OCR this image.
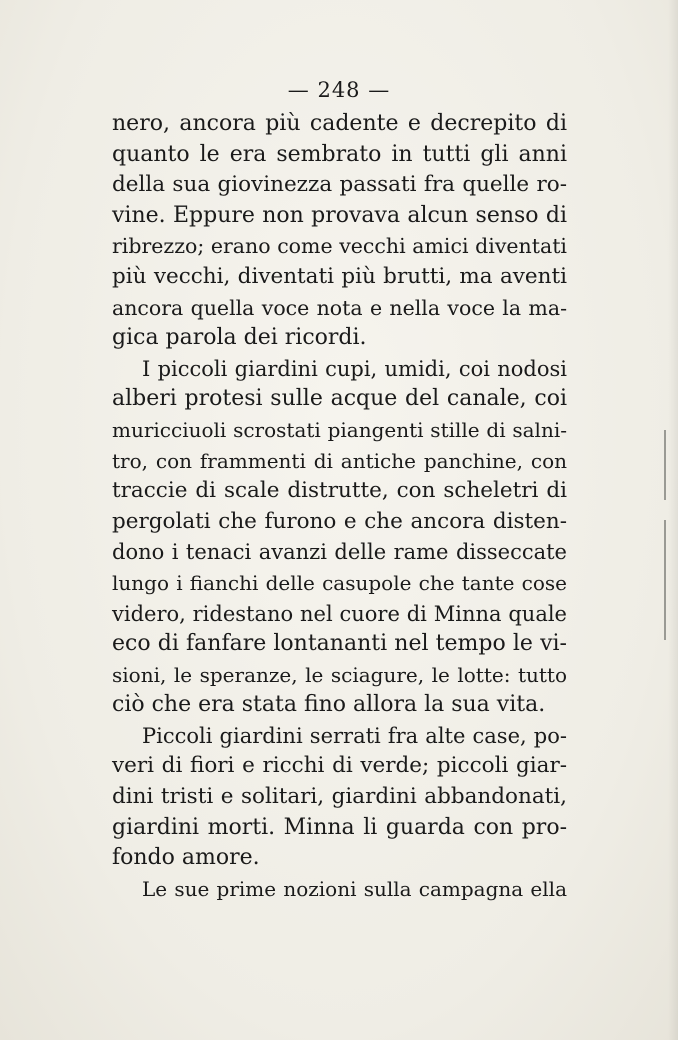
— 248 —
nero, ancora più cadente e decrepito di
quanto le era sembrato in tutti gli anni
della sua giovinezza passati fra quelle ro-
vine. Eppure non provava alcun senso di
ribrezzo; erano come vecchi amici diventati
più vecchi, diventati più brutti, ma aventi
ancora quella voce nota e nella voce la ma-
gica parola dei ricordi.
I piccoli giardini cupi, umidi, coi nodosi
alberi protesi sulle acque del canale, coi
muricciuoli scrostati piangenti stille di salni-
tro, con frammenti di antiche panchine, con
traccie di scale distrutte, con scheletri di
pergolati che furono e che ancora disten-
dono i tenaci avanzi delle rame disseccate
lungo i fianchi delle casupole che tante cose
videro, ridestano nel cuore di Minna quale
eco di fanfare lontananti nel tempo le vi-
sioni, le speranze, le sciagure, le lotte: tutto
ciò che era stata fino allora la sua vita.
Piccoli giardini serrati fra alte case, po-
veri di fiori e ricchi di verde; piccoli giar-
dini tristi e solitari, giardini abbandonati,
giardini morti. Minna li guarda con pro-
fondo amore.
Le sue prime nozioni sulla campagna ella
